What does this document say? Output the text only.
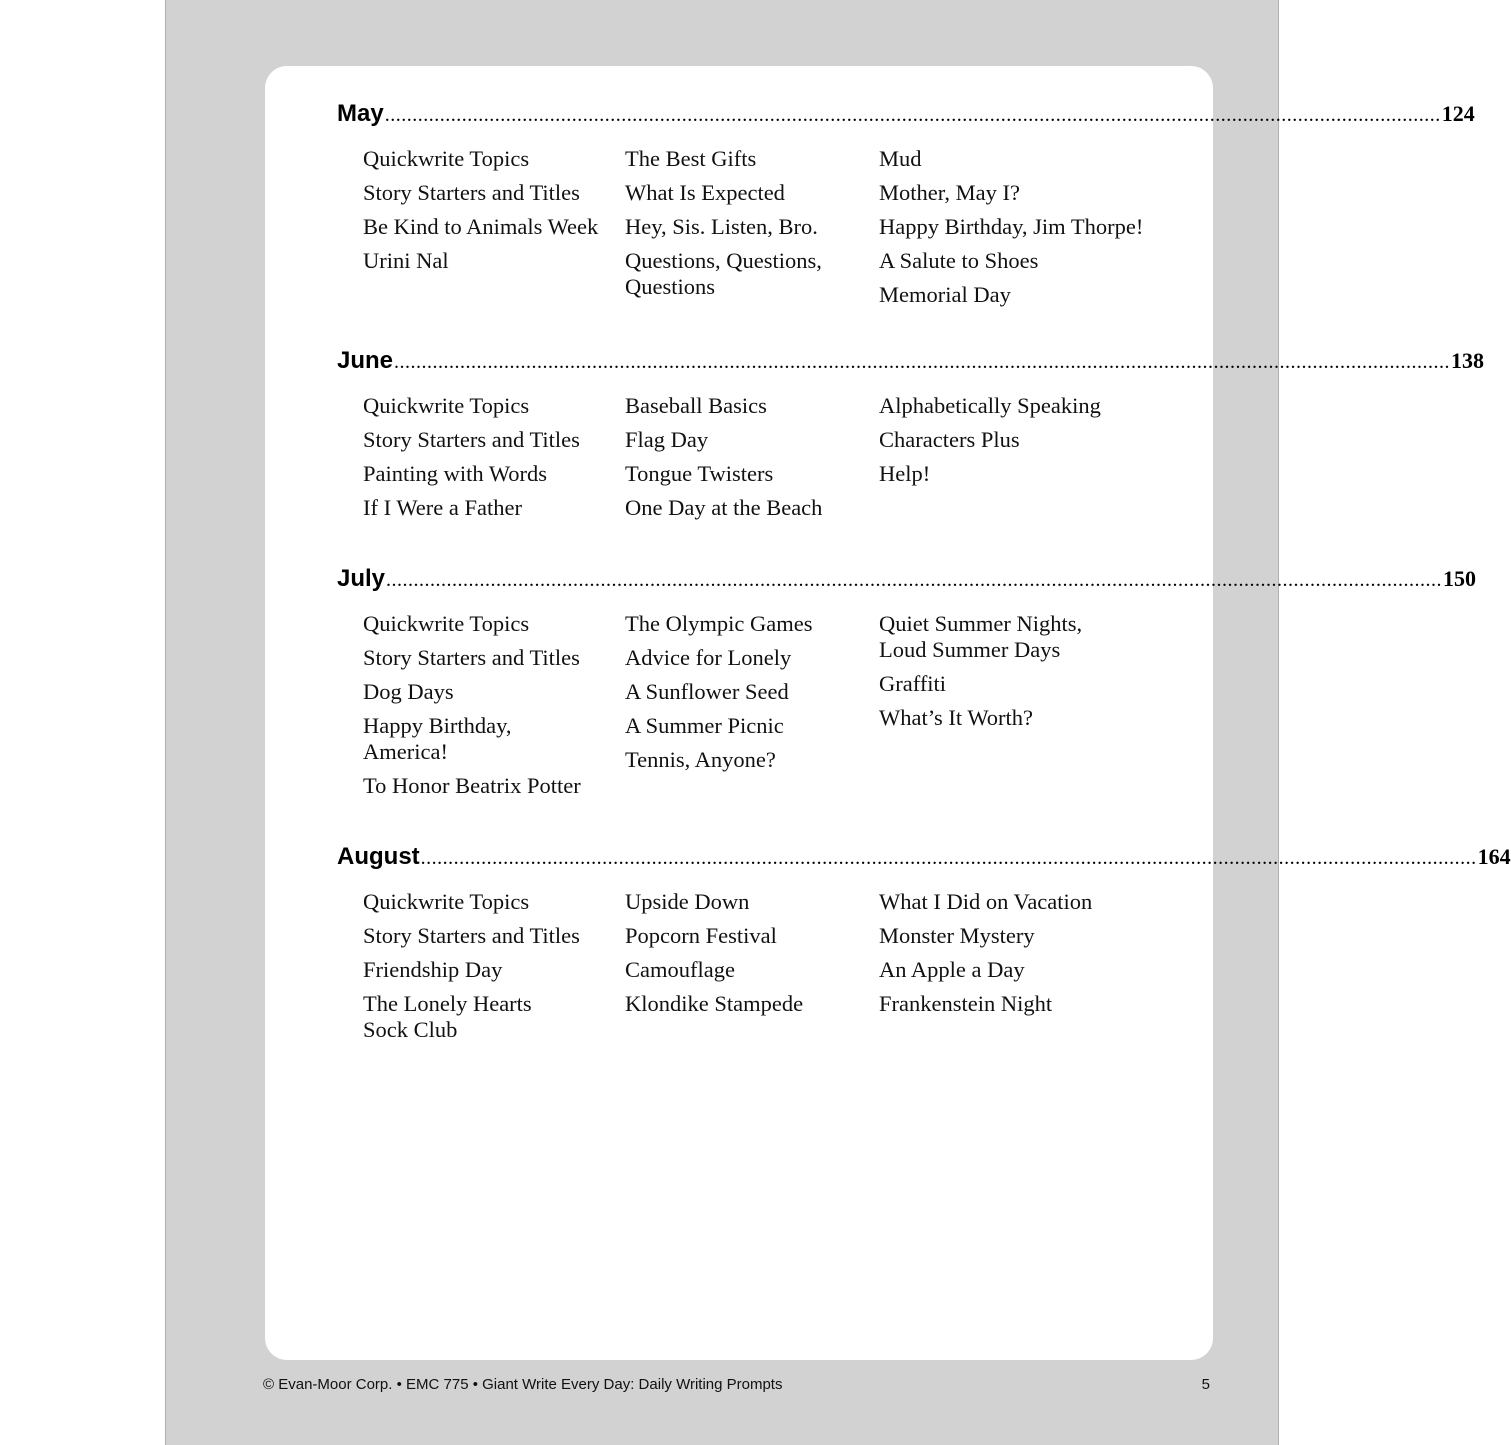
May ................................................................................................................................................................................................ 124
Quickwrite Topics
Story Starters and Titles
Be Kind to Animals Week
Urini Nal
The Best Gifts
What Is Expected
Hey, Sis. Listen, Bro.
Questions, Questions, Questions
Mud
Mother, May I?
Happy Birthday, Jim Thorpe!
A Salute to Shoes
Memorial Day
June ................................................................................................................................................................................................ 138
Quickwrite Topics
Story Starters and Titles
Painting with Words
If I Were a Father
Baseball Basics
Flag Day
Tongue Twisters
One Day at the Beach
Alphabetically Speaking
Characters Plus
Help!
July ................................................................................................................................................................................................ 150
Quickwrite Topics
Story Starters and Titles
Dog Days
Happy Birthday, America!
To Honor Beatrix Potter
The Olympic Games
Advice for Lonely
A Sunflower Seed
A Summer Picnic
Tennis, Anyone?
Quiet Summer Nights, Loud Summer Days
Graffiti
What’s It Worth?
August ................................................................................................................................................................................................ 164
Quickwrite Topics
Story Starters and Titles
Friendship Day
The Lonely Hearts Sock Club
Upside Down
Popcorn Festival
Camouflage
Klondike Stampede
What I Did on Vacation
Monster Mystery
An Apple a Day
Frankenstein Night
© Evan-Moor Corp. • EMC 775 • Giant Write Every Day: Daily Writing Prompts	5
